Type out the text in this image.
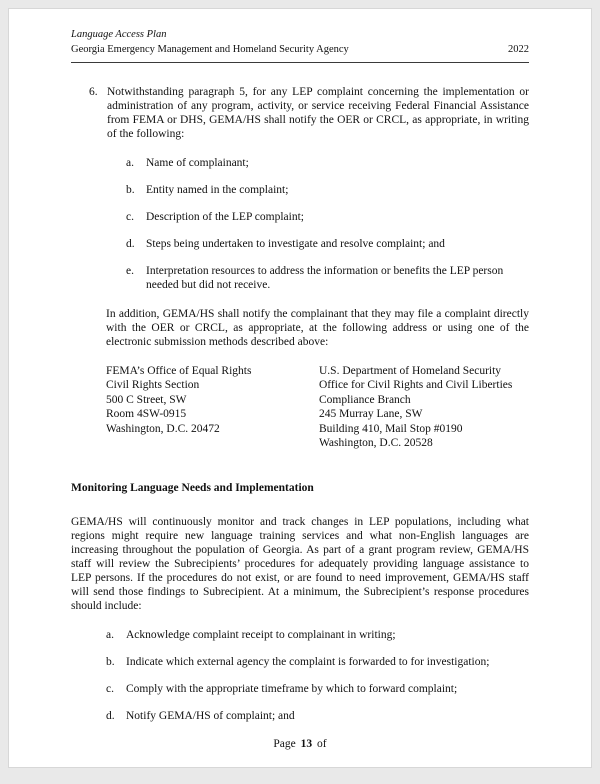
Language Access Plan
Georgia Emergency Management and Homeland Security Agency	2022
6. Notwithstanding paragraph 5, for any LEP complaint concerning the implementation or administration of any program, activity, or service receiving Federal Financial Assistance from FEMA or DHS, GEMA/HS shall notify the OER or CRCL, as appropriate, in writing of the following:
a.	Name of complainant;
b. Entity named in the complaint;
c.	Description of the LEP complaint;
d. Steps being undertaken to investigate and resolve complaint; and
e.	Interpretation resources to address the information or benefits the LEP person needed but did not receive.
In addition, GEMA/HS shall notify the complainant that they may file a complaint directly with the OER or CRCL, as appropriate, at the following address or using one of the electronic submission methods described above:
FEMA’s Office of Equal Rights
Civil Rights Section
500 C Street, SW
Room 4SW-0915
Washington, D.C. 20472
U.S. Department of Homeland Security
Office for Civil Rights and Civil Liberties
Compliance Branch
245 Murray Lane, SW
Building 410, Mail Stop #0190
Washington, D.C. 20528
Monitoring Language Needs and Implementation
GEMA/HS will continuously monitor and track changes in LEP populations, including what regions might require new language training services and what non-English languages are increasing throughout the population of Georgia. As part of a grant program review, GEMA/HS staff will review the Subrecipients’ procedures for adequately providing language assistance to LEP persons. If the procedures do not exist, or are found to need improvement, GEMA/HS staff will send those findings to Subrecipient. At a minimum, the Subrecipient’s response procedures should include:
a.	Acknowledge complaint receipt to complainant in writing;
b. Indicate which external agency the complaint is forwarded to for investigation;
c.	Comply with the appropriate timeframe by which to forward complaint;
d. Notify GEMA/HS of complaint; and
Page 13 of
